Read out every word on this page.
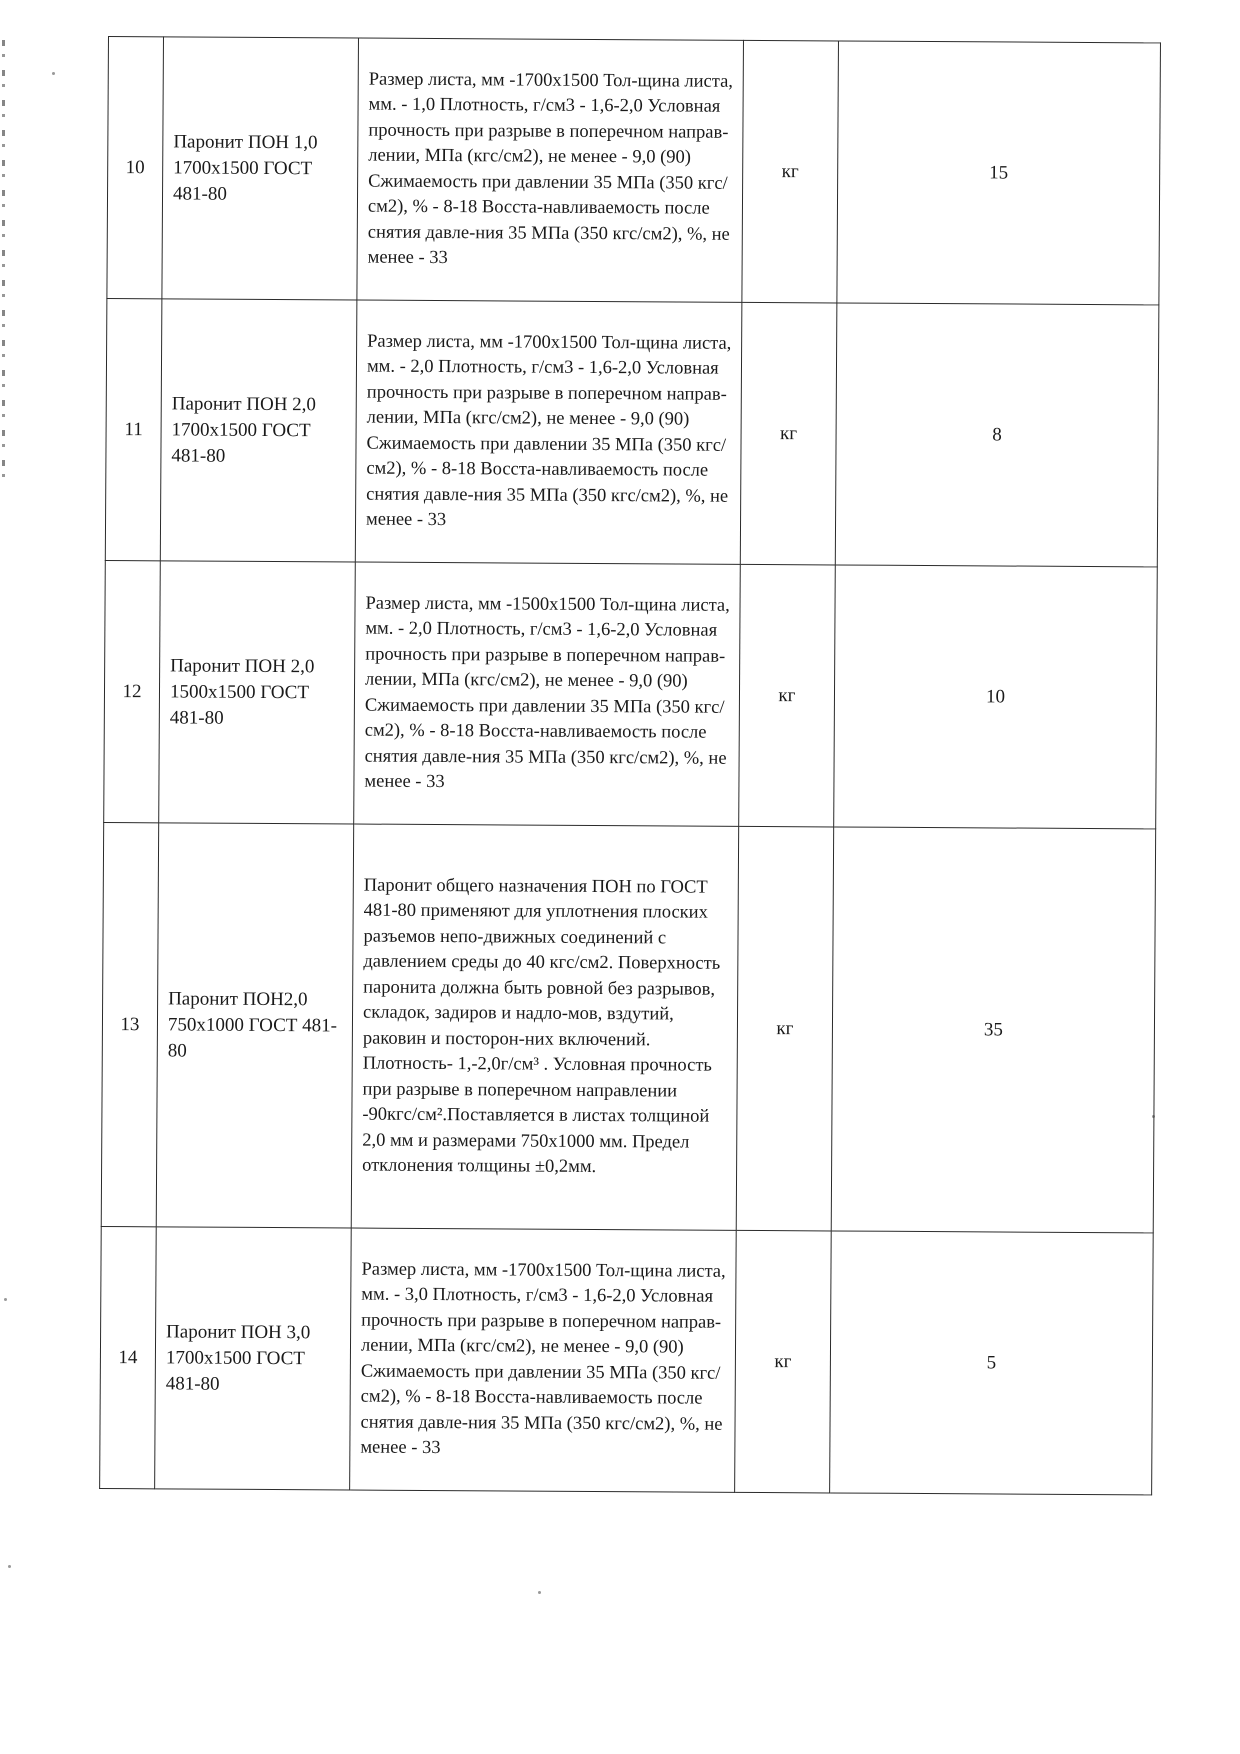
10	Паронит ПОН 1,0 1700х1500 ГОСТ 481-80	Размер листа, мм -1700х1500 Тол-щина листа, мм. - 1,0 Плотность, г/см3 - 1,6-2,0 Условная прочность при разрыве в поперечном направ-лении, МПа (кгс/см2), не менее - 9,0 (90) Сжимаемость при давлении 35 МПа (350 кгс/см2), % - 8-18 Восста-навливаемость после снятия давле-ния 35 МПа (350 кгс/см2), %, не менее - 33	кг	15
11	Паронит ПОН 2,0 1700х1500 ГОСТ 481-80	Размер листа, мм -1700х1500 Тол-щина листа, мм. - 2,0 Плотность, г/см3 - 1,6-2,0 Условная прочность при разрыве в поперечном направ-лении, МПа (кгс/см2), не менее - 9,0 (90) Сжимаемость при давлении 35 МПа (350 кгс/см2), % - 8-18 Восста-навливаемость после снятия давле-ния 35 МПа (350 кгс/см2), %, не менее - 33	кг	8
12	Паронит ПОН 2,0 1500х1500 ГОСТ 481-80	Размер листа, мм -1500х1500 Тол-щина листа, мм. - 2,0 Плотность, г/см3 - 1,6-2,0 Условная прочность при разрыве в поперечном направ-лении, МПа (кгс/см2), не менее - 9,0 (90) Сжимаемость при давлении 35 МПа (350 кгс/см2), % - 8-18 Восста-навливаемость после снятия давле-ния 35 МПа (350 кгс/см2), %, не менее - 33	кг	10
13	Паронит ПОН2,0 750х1000 ГОСТ 481-80	Паронит общего назначения ПОН по ГОСТ 481-80 применяют для уплотнения плоских разъемов непо-движных соединений с давлением среды до 40 кгс/см2. Поверхность паронита должна быть ровной без разрывов, складок, задиров и надло-мов, вздутий, раковин и посторон-них включений. Плотность- 1,-2,0г/см³ . Условная прочность при разрыве в поперечном направлении -90кгс/см².Поставляется в листах толщиной 2,0 мм и размерами 750х1000 мм. Предел отклонения толщины ±0,2мм.	кг	35
14	Паронит ПОН 3,0 1700х1500 ГОСТ 481-80	Размер листа, мм -1700х1500 Тол-щина листа, мм. - 3,0 Плотность, г/см3 - 1,6-2,0 Условная прочность при разрыве в поперечном направ-лении, МПа (кгс/см2), не менее - 9,0 (90) Сжимаемость при давлении 35 МПа (350 кгс/см2), % - 8-18 Восста-навливаемость после снятия давле-ния 35 МПа (350 кгс/см2), %, не менее - 33	кг	5
